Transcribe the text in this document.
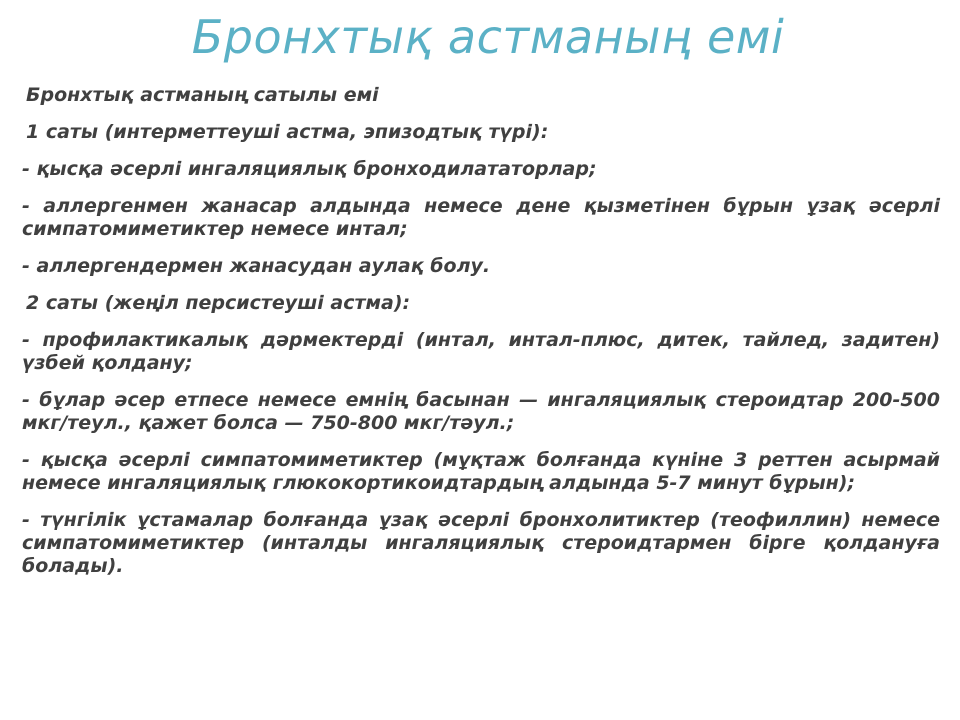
Бронхтық астманың емі

Бронхтық астманың сатылы емі

1 саты (интерметтеуші астма, эпизодтық түрі):

- қысқа әсерлі ингаляциялық бронходилататорлар;

- аллергенмен жанасар алдында немесе дене қызметінен бұрын ұзақ әсерлі симпатомиметиктер немесе интал;

- аллергендермен жанасудан аулақ болу.

2 саты (жеңіл персистеуші астма):

- профилактикалық дәрмектерді (интал, интал-плюс, дитек, тайлед, задитен) үзбей қолдану;

- бұлар әсер етпесе немесе емнің басынан — ингаляциялық стероидтар 200-500 мкг/теул., қажет болса — 750-800 мкг/тәул.;

- қысқа әсерлі симпатомиметиктер (мұқтаж болғанда күніне 3 реттен асырмай немесе ингаляциялық глюкокортикоидтардың алдында 5-7 минут бұрын);

- түнгілік ұстамалар болғанда ұзақ әсерлі бронхолитиктер (теофиллин) немесе симпатомиметиктер (инталды ингаляциялық стероидтармен бірге қолдануға болады).
